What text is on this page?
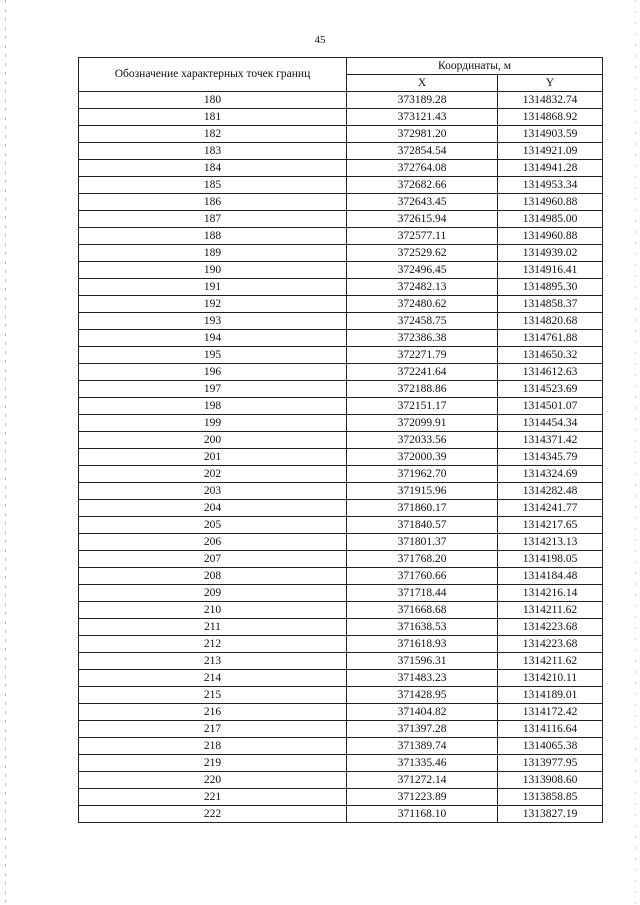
45
Обозначение характерных точек границ	Координаты, м	
	X	Y
180	373189.28	1314832.74
181	373121.43	1314868.92
182	372981.20	1314903.59
183	372854.54	1314921.09
184	372764.08	1314941.28
185	372682.66	1314953.34
186	372643.45	1314960.88
187	372615.94	1314985.00
188	372577.11	1314960.88
189	372529.62	1314939.02
190	372496.45	1314916.41
191	372482.13	1314895.30
192	372480.62	1314858.37
193	372458.75	1314820.68
194	372386.38	1314761.88
195	372271.79	1314650.32
196	372241.64	1314612.63
197	372188.86	1314523.69
198	372151.17	1314501.07
199	372099.91	1314454.34
200	372033.56	1314371.42
201	372000.39	1314345.79
202	371962.70	1314324.69
203	371915.96	1314282.48
204	371860.17	1314241.77
205	371840.57	1314217.65
206	371801.37	1314213.13
207	371768.20	1314198.05
208	371760.66	1314184.48
209	371718.44	1314216.14
210	371668.68	1314211.62
211	371638.53	1314223.68
212	371618.93	1314223.68
213	371596.31	1314211.62
214	371483.23	1314210.11
215	371428.95	1314189.01
216	371404.82	1314172.42
217	371397.28	1314116.64
218	371389.74	1314065.38
219	371335.46	1313977.95
220	371272.14	1313908.60
221	371223.89	1313858.85
222	371168.10	1313827.19
